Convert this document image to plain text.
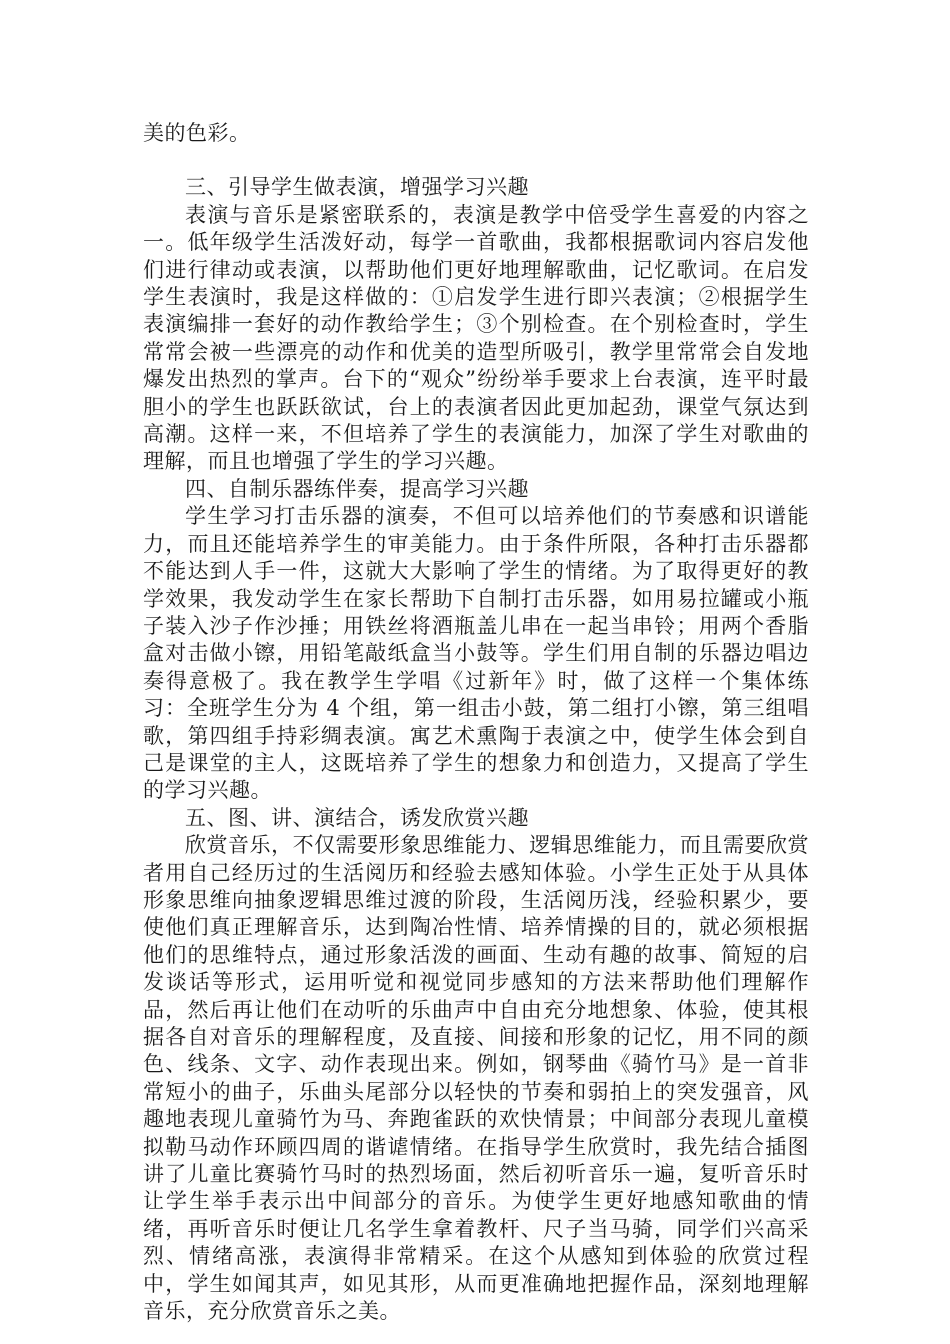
美的色彩。

三、引导学生做表演，增强学习兴趣

表演与音乐是紧密联系的，表演是教学中倍受学生喜爱的内容之一。低年级学生活泼好动，每学一首歌曲，我都根据歌词内容启发他们进行律动或表演，以帮助他们更好地理解歌曲，记忆歌词。在启发学生表演时，我是这样做的：①启发学生进行即兴表演；②根据学生表演编排一套好的动作教给学生；③个别检查。在个别检查时，学生常常会被一些漂亮的动作和优美的造型所吸引，教学里常常会自发地爆发出热烈的掌声。台下的“观众”纷纷举手要求上台表演，连平时最胆小的学生也跃跃欲试，台上的表演者因此更加起劲，课堂气氛达到高潮。这样一来，不但培养了学生的表演能力，加深了学生对歌曲的理解，而且也增强了学生的学习兴趣。

四、自制乐器练伴奏，提高学习兴趣

学生学习打击乐器的演奏，不但可以培养他们的节奏感和识谱能力，而且还能培养学生的审美能力。由于条件所限，各种打击乐器都不能达到人手一件，这就大大影响了学生的情绪。为了取得更好的教学效果，我发动学生在家长帮助下自制打击乐器，如用易拉罐或小瓶子装入沙子作沙捶；用铁丝将酒瓶盖儿串在一起当串铃；用两个香脂盒对击做小镲，用铅笔敲纸盒当小鼓等。学生们用自制的乐器边唱边奏得意极了。我在教学生学唱《过新年》时，做了这样一个集体练习：全班学生分为 4 个组，第一组击小鼓，第二组打小镲，第三组唱歌，第四组手持彩绸表演。寓艺术熏陶于表演之中，使学生体会到自己是课堂的主人，这既培养了学生的想象力和创造力，又提高了学生的学习兴趣。

五、图、讲、演结合，诱发欣赏兴趣

欣赏音乐，不仅需要形象思维能力、逻辑思维能力，而且需要欣赏者用自己经历过的生活阅历和经验去感知体验。小学生正处于从具体形象思维向抽象逻辑思维过渡的阶段，生活阅历浅，经验积累少，要使他们真正理解音乐，达到陶冶性情、培养情操的目的，就必须根据他们的思维特点，通过形象活泼的画面、生动有趣的故事、简短的启发谈话等形式，运用听觉和视觉同步感知的方法来帮助他们理解作品，然后再让他们在动听的乐曲声中自由充分地想象、体验，使其根据各自对音乐的理解程度，及直接、间接和形象的记忆，用不同的颜色、线条、文字、动作表现出来。例如，钢琴曲《骑竹马》是一首非常短小的曲子，乐曲头尾部分以轻快的节奏和弱拍上的突发强音，风趣地表现儿童骑竹为马、奔跑雀跃的欢快情景；中间部分表现儿童模拟勒马动作环顾四周的谐谑情绪。在指导学生欣赏时，我先结合插图讲了儿童比赛骑竹马时的热烈场面，然后初听音乐一遍，复听音乐时让学生举手表示出中间部分的音乐。为使学生更好地感知歌曲的情绪，再听音乐时便让几名学生拿着教杆、尺子当马骑，同学们兴高采烈、情绪高涨，表演得非常精采。在这个从感知到体验的欣赏过程中，学生如闻其声，如见其形，从而更准确地把握作品，深刻地理解音乐，充分欣赏音乐之美。
